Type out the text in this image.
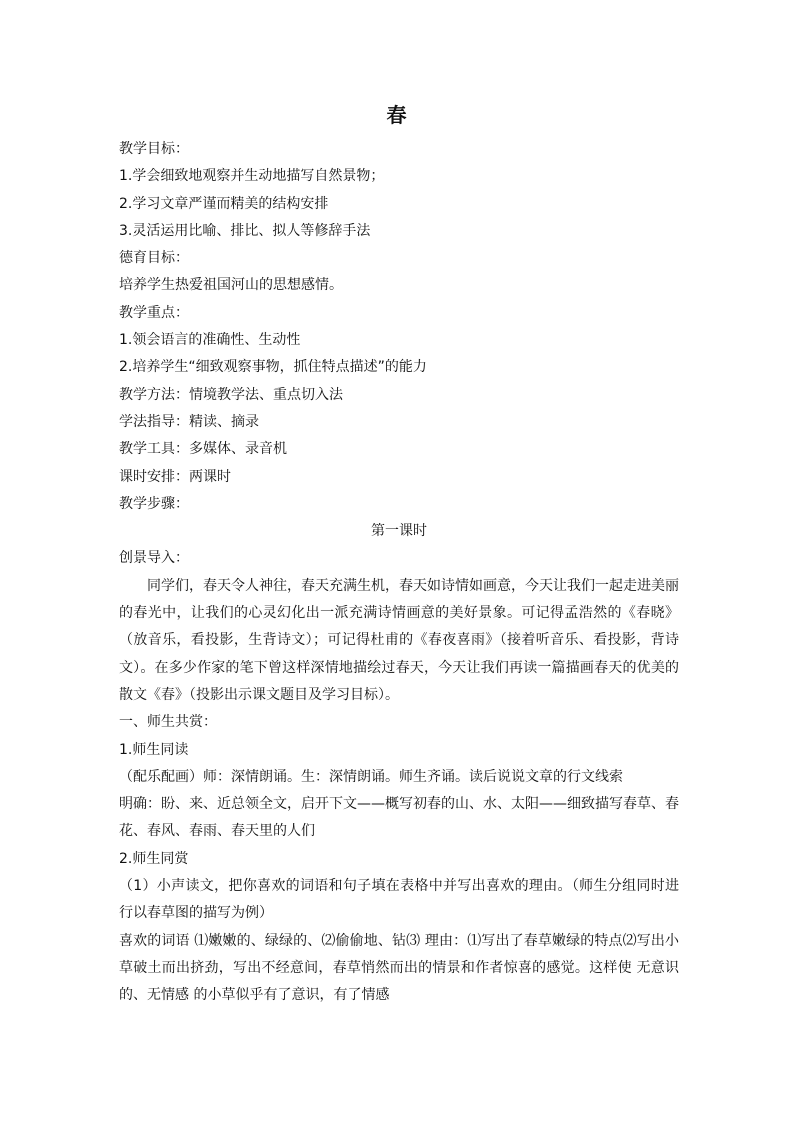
春
教学目标：
1.学会细致地观察并生动地描写自然景物；
2.学习文章严谨而精美的结构安排
3.灵活运用比喻、排比、拟人等修辞手法
德育目标：
培养学生热爱祖国河山的思想感情。
教学重点：
1.领会语言的准确性、生动性
2.培养学生“细致观察事物，抓住特点描述”的能力
教学方法：情境教学法、重点切入法
学法指导：精读、摘录
教学工具：多媒体、录音机
课时安排：两课时
教学步骤：
第一课时
创景导入：
同学们，春天令人神往，春天充满生机，春天如诗情如画意，今天让我们一起走进美丽的春光中，让我们的心灵幻化出一派充满诗情画意的美好景象。可记得孟浩然的《春晓》（放音乐，看投影，生背诗文）；可记得杜甫的《春夜喜雨》（接着听音乐、看投影，背诗文）。在多少作家的笔下曾这样深情地描绘过春天，今天让我们再读一篇描画春天的优美的散文《春》（投影出示课文题目及学习目标）。
一、师生共赏：
1.师生同读
（配乐配画）师：深情朗诵。生：深情朗诵。师生齐诵。读后说说文章的行文线索
明确：盼、来、近总领全文，启开下文——概写初春的山、水、太阳——细致描写春草、春花、春风、春雨、春天里的人们
2.师生同赏
（1）小声读文，把你喜欢的词语和句子填在表格中并写出喜欢的理由。（师生分组同时进行以春草图的描写为例）
喜欢的词语 ⑴嫩嫩的、绿绿的、⑵偷偷地、钻⑶ 理由：⑴写出了春草嫩绿的特点⑵写出小草破土而出挤劲，写出不经意间，春草悄然而出的情景和作者惊喜的感觉。这样使 无意识的、无情感 的小草似乎有了意识，有了情感
